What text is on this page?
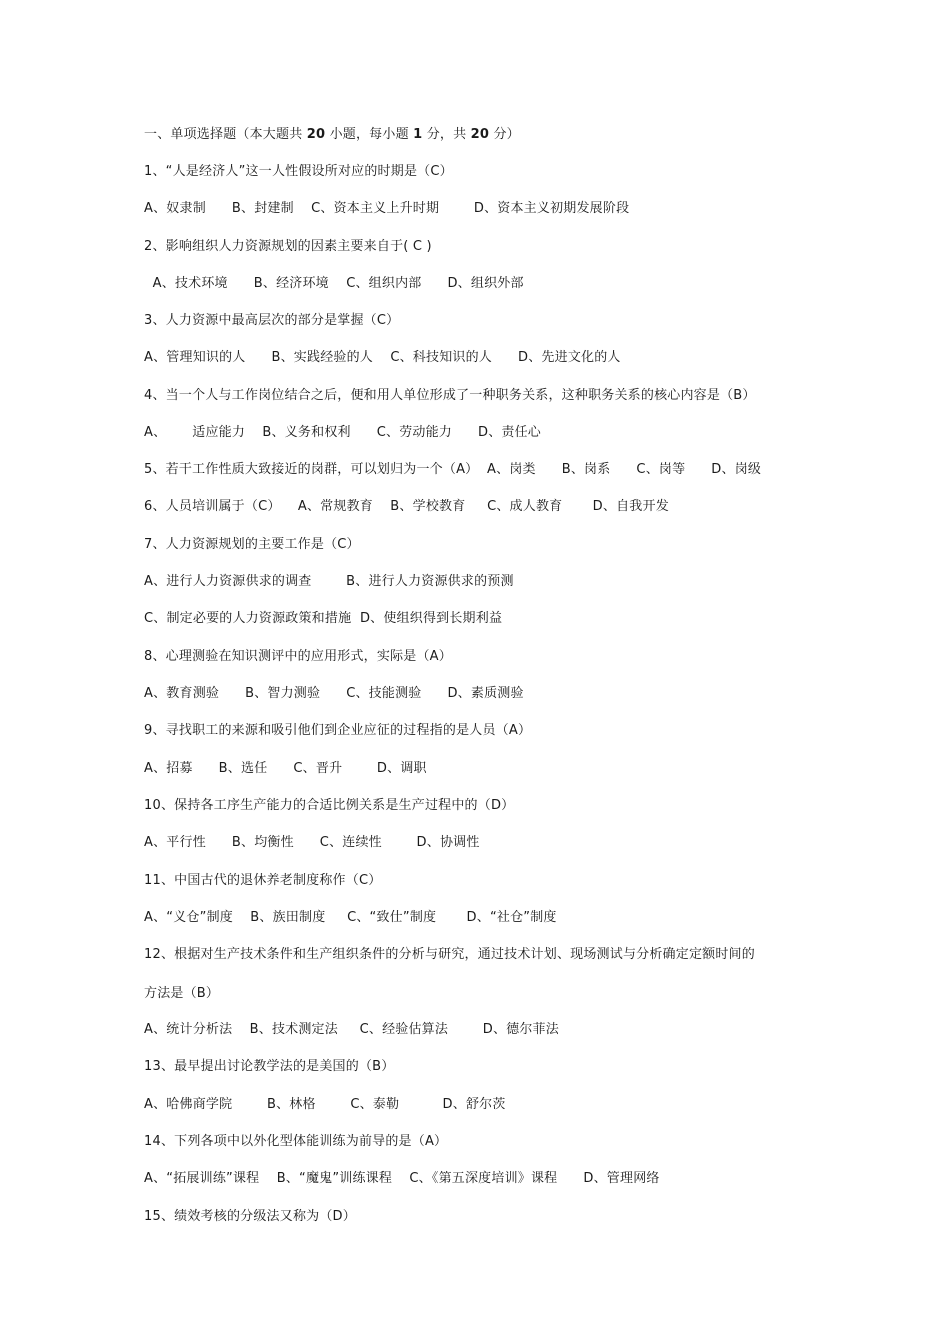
一、单项选择题（本大题共 20 小题，每小题 1 分，共 20 分）
1、“人是经济人”这一人性假设所对应的时期是（C）
A、奴隶制      B、封建制    C、资本主义上升时期        D、资本主义初期发展阶段
2、影响组织人力资源规划的因素主要来自于( C )
A、技术环境      B、经济环境    C、组织内部      D、组织外部
3、人力资源中最高层次的部分是掌握（C）
A、管理知识的人      B、实践经验的人    C、科技知识的人      D、先进文化的人
4、当一个人与工作岗位结合之后，便和用人单位形成了一种职务关系，这种职务关系的核心内容是（B）
A、      适应能力    B、义务和权利      C、劳动能力      D、责任心
5、若干工作性质大致接近的岗群，可以划归为一个（A）  A、岗类      B、岗系      C、岗等      D、岗级
6、人员培训属于（C）    A、常规教育    B、学校教育     C、成人教育       D、自我开发
7、人力资源规划的主要工作是（C）
A、进行人力资源供求的调查        B、进行人力资源供求的预测
C、制定必要的人力资源政策和措施  D、使组织得到长期利益
8、心理测验在知识测评中的应用形式，实际是（A）
A、教育测验      B、智力测验      C、技能测验      D、素质测验
9、寻找职工的来源和吸引他们到企业应征的过程指的是人员（A）
A、招募      B、选任      C、晋升        D、调职
10、保持各工序生产能力的合适比例关系是生产过程中的（D）
A、平行性      B、均衡性      C、连续性        D、协调性
11、中国古代的退休养老制度称作（C）
A、“义仓”制度    B、族田制度     C、“致仕”制度       D、“社仓”制度
12、根据对生产技术条件和生产组织条件的分析与研究，通过技术计划、现场测试与分析确定定额时间的
方法是（B）
A、统计分析法    B、技术测定法     C、经验估算法        D、德尔菲法
13、最早提出讨论教学法的是美国的（B）
A、哈佛商学院        B、林格        C、泰勒          D、舒尔茨
14、下列各项中以外化型体能训练为前导的是（A）
A、“拓展训练”课程    B、“魔鬼”训练课程    C、《第五深度培训》课程      D、管理网络
15、绩效考核的分级法又称为（D）
